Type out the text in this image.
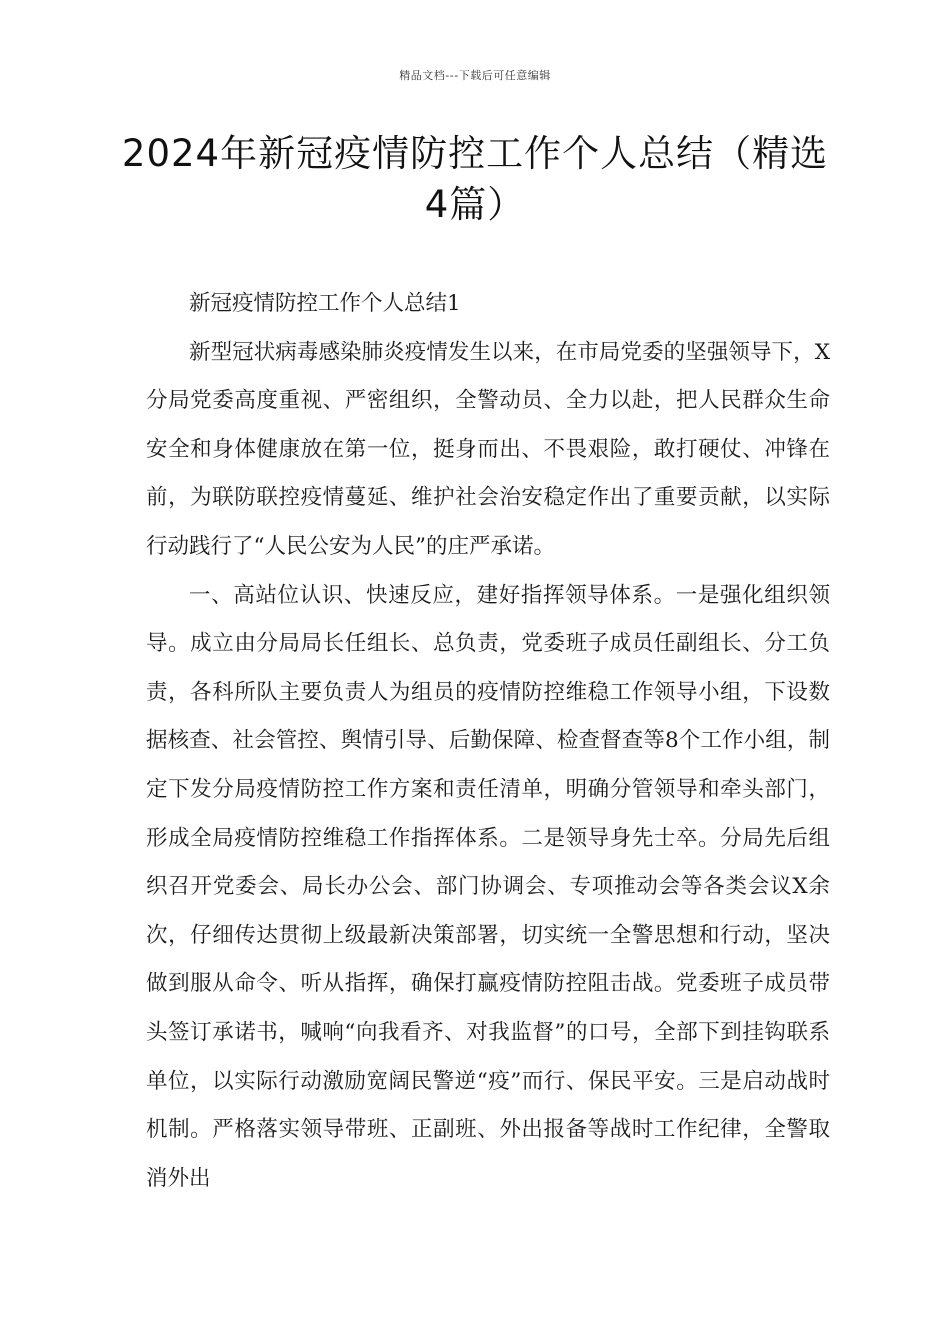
精品文档---下载后可任意编辑
2024年新冠疫情防控工作个人总结（精选4篇）

新冠疫情防控工作个人总结1

新型冠状病毒感染肺炎疫情发生以来，在市局党委的坚强领导下，X分局党委高度重视、严密组织，全警动员、全力以赴，把人民群众生命安全和身体健康放在第一位，挺身而出、不畏艰险，敢打硬仗、冲锋在前，为联防联控疫情蔓延、维护社会治安稳定作出了重要贡献，以实际行动践行了“人民公安为人民”的庄严承诺。

一、高站位认识、快速反应，建好指挥领导体系。一是强化组织领导。成立由分局局长任组长、总负责，党委班子成员任副组长、分工负责，各科所队主要负责人为组员的疫情防控维稳工作领导小组，下设数据核查、社会管控、舆情引导、后勤保障、检查督查等8个工作小组，制定下发分局疫情防控工作方案和责任清单，明确分管领导和牵头部门，形成全局疫情防控维稳工作指挥体系。二是领导身先士卒。分局先后组织召开党委会、局长办公会、部门协调会、专项推动会等各类会议X余次，仔细传达贯彻上级最新决策部署，切实统一全警思想和行动，坚决做到服从命令、听从指挥，确保打赢疫情防控阻击战。党委班子成员带头签订承诺书，喊响“向我看齐、对我监督”的口号，全部下到挂钩联系单位，以实际行动激励宽阔民警逆“疫”而行、保民平安。三是启动战时机制。严格落实领导带班、正副班、外出报备等战时工作纪律，全警取消外出
